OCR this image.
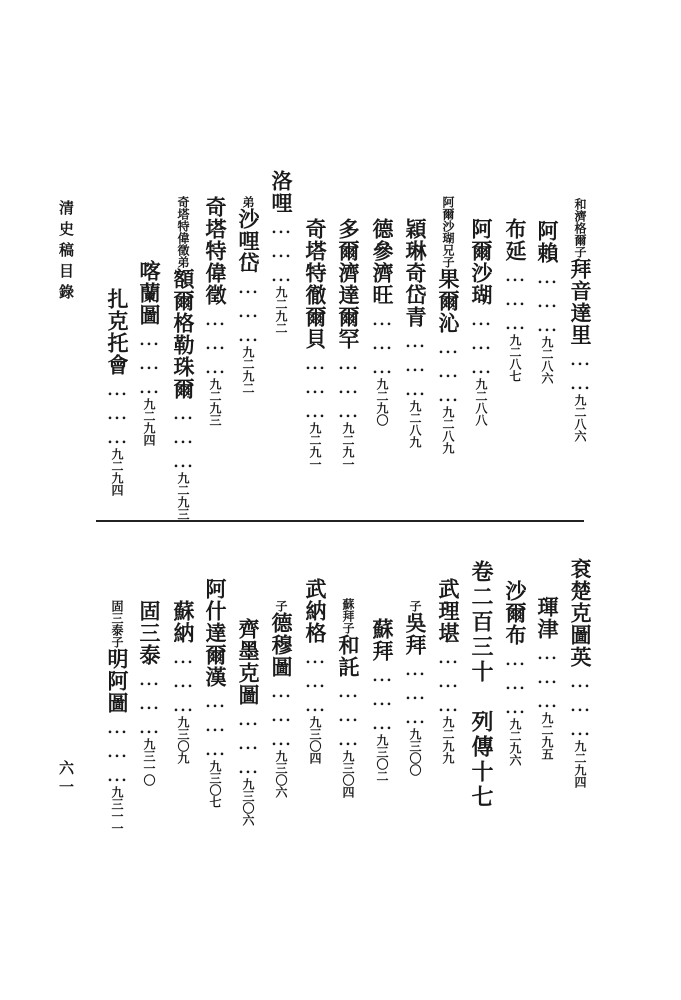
清史稿目錄
六一
和濟格爾子拜音達里……九二八六
阿賴………九二八六
布延………九二八七
阿爾沙瑚………九二八八
阿爾沙瑚兄子果爾沁………九二八九
穎琳奇岱青………九二八九
德參濟旺………九二九〇
多爾濟達爾罕………九二九一
奇塔特徹爾貝………九二九一
洛哩………九二九二
弟沙哩岱………九二九二
奇塔特偉徵………九二九三
奇塔特偉徵弟額爾格勒珠爾………九二九三
喀蘭圖………九二九四
扎克托會………九二九四
卷二百三十　列傳十七
袞楚克圖英………九二九四
琿津………九二九五
沙爾布………九二九六
武理堪………九二九九
子吳拜………九三〇〇
蘇拜………九三〇二
蘇拜子和託………九三〇四
武納格………九三〇四
子德穆圖………九三〇六
齊墨克圖………九三〇六
阿什達爾漢………九三〇七
蘇納………九三〇九
固三泰………九三一〇
固三泰子明阿圖………九三一一
